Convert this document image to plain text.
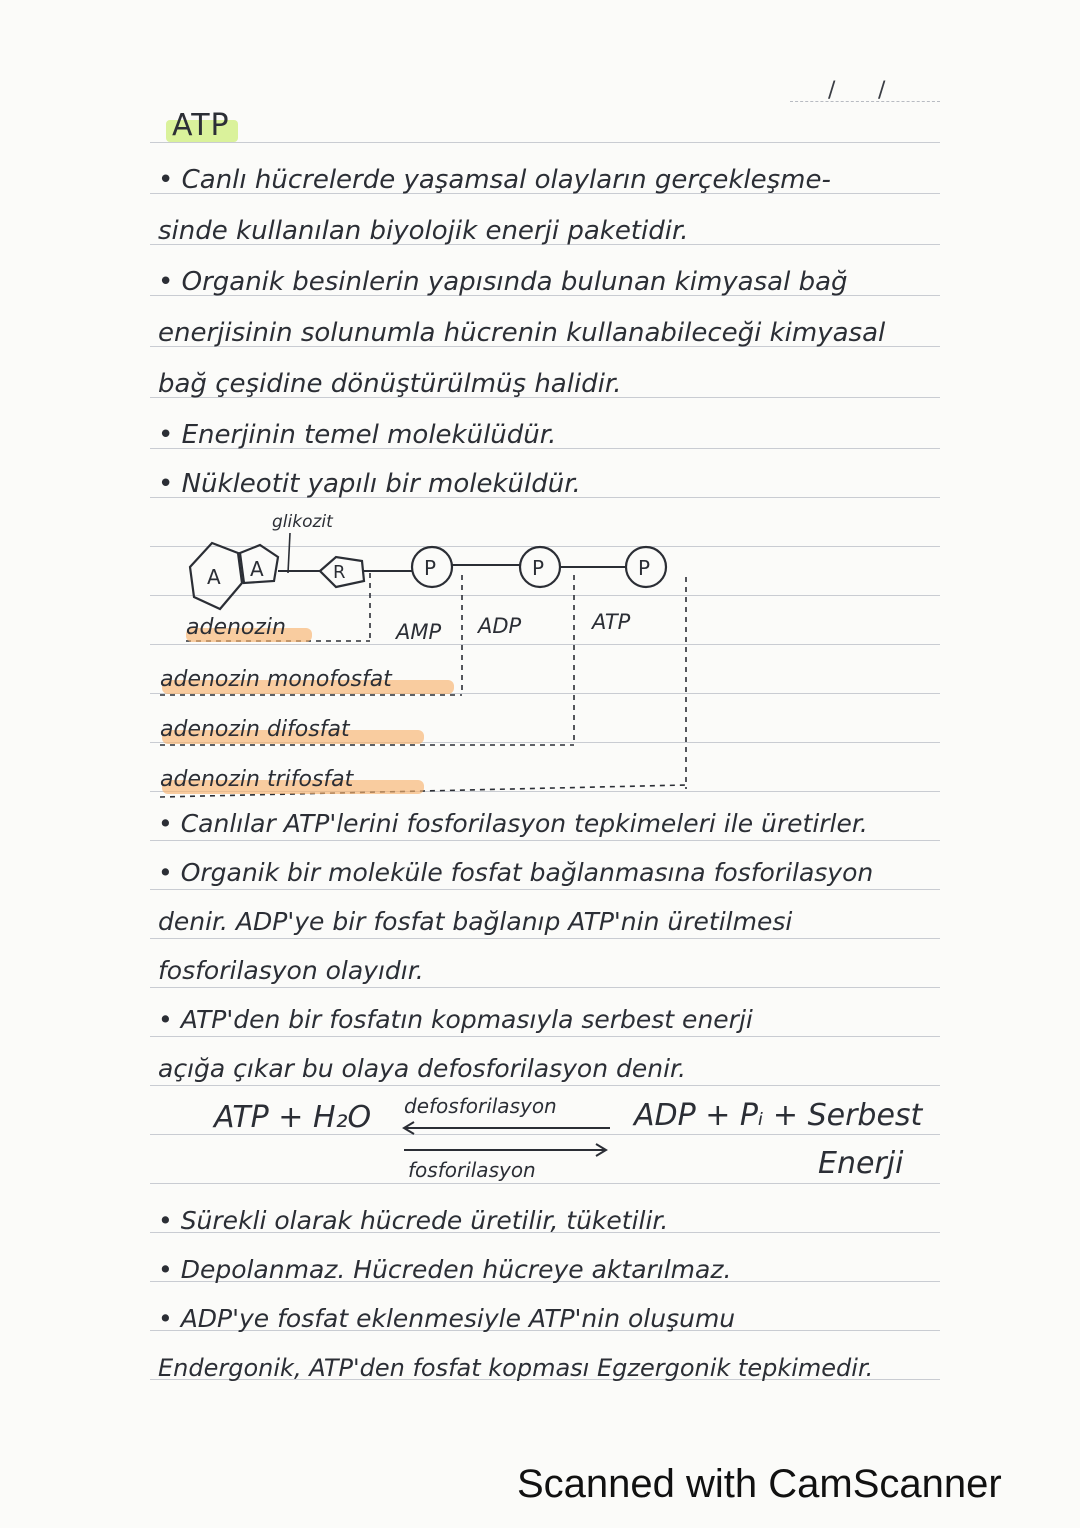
/ /
ATP
• Canlı hücrelerde yaşamsal olayların gerçekleşme-
sinde kullanılan biyolojik enerji paketidir.
• Organik besinlerin yapısında bulunan kimyasal bağ
enerjisinin solunumla hücrenin kullanabileceği kimyasal
bağ çeşidine dönüştürülmüş halidir.
• Enerjinin temel molekülüdür.
• Nükleotit yapılı bir moleküldür.
glikozit
A A	R	P	P	P
AMP ADP	ATP
adenozin
adenozin monofosfat
adenozin difosfat
adenozin trifosfat
• Canlılar ATP'lerini fosforilasyon tepkimeleri ile üretirler.
• Organik bir moleküle fosfat bağlanmasına fosforilasyon
denir. ADP'ye bir fosfat bağlanıp ATP'nin üretilmesi
fosforilasyon olayıdır.
• ATP'den bir fosfatın kopmasıyla serbest enerji
açığa çıkar bu olaya defosforilasyon denir.
ATP + H₂O defosforilasyon
fosforilasyon
ADP + Pᵢ + Serbest
Enerji
• Sürekli olarak hücrede üretilir, tüketilir.
• Depolanmaz. Hücreden hücreye aktarılmaz.
• ADP'ye fosfat eklenmesiyle ATP'nin oluşumu
Endergonik, ATP'den fosfat kopması Egzergonik tepkimedir.
Scanned with CamScanner
